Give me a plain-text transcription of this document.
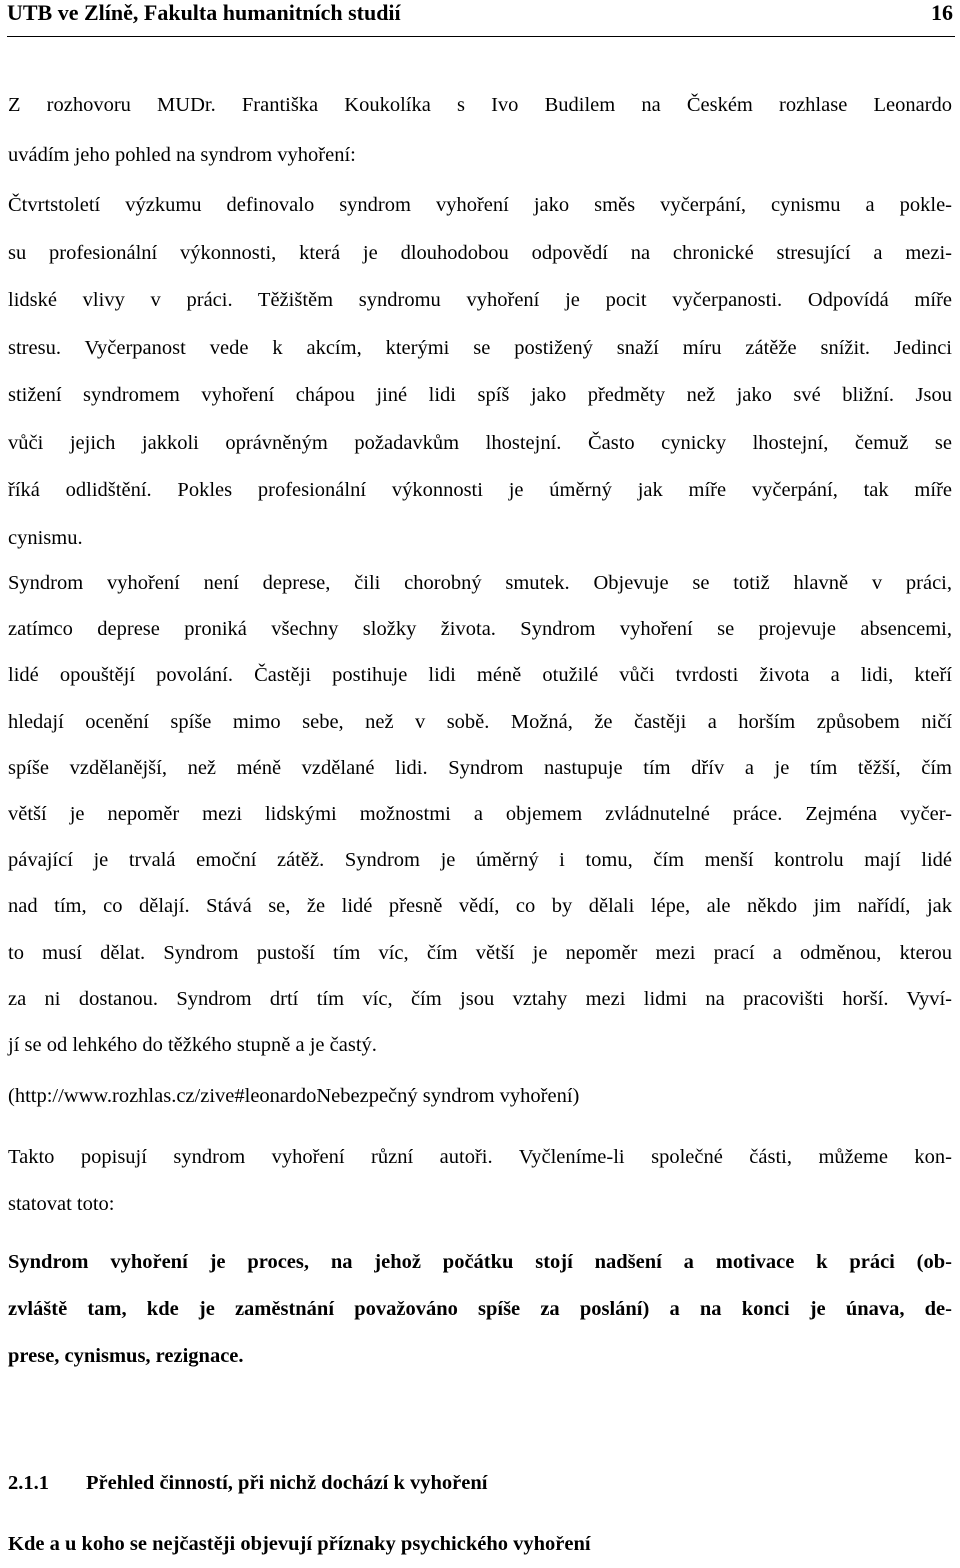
UTB ve Zlíně, Fakulta humanitních studií	16

Z rozhovoru MUDr. Františka Koukolíka s Ivo Budilem na Českém rozhlase Leonardo
uvádím jeho pohled na syndrom vyhoření:

Čtvrtstoletí výzkumu definovalo syndrom vyhoření jako směs vyčerpání, cynismu a pokle-
su profesionální výkonnosti, která je dlouhodobou odpovědí na chronické stresující a mezi-
lidské vlivy v práci. Těžištěm syndromu vyhoření je pocit vyčerpanosti. Odpovídá míře
stresu. Vyčerpanost vede k akcím, kterými se postižený snaží míru zátěže snížit. Jedinci
stižení syndromem vyhoření chápou jiné lidi spíš jako předměty než jako své bližní. Jsou
vůči jejich jakkoli oprávněným požadavkům lhostejní. Často cynicky lhostejní, čemuž se
říká odlidštění. Pokles profesionální výkonnosti je úměrný jak míře vyčerpání, tak míře
cynismu.

Syndrom vyhoření není deprese, čili chorobný smutek. Objevuje se totiž hlavně v práci,
zatímco deprese proniká všechny složky života. Syndrom vyhoření se projevuje absencemi,
lidé opouštějí povolání. Častěji postihuje lidi méně otužilé vůči tvrdosti života a lidi, kteří
hledají ocenění spíše mimo sebe, než v sobě. Možná, že častěji a horším způsobem ničí
spíše vzdělanější, než méně vzdělané lidi. Syndrom nastupuje tím dřív a je tím těžší, čím
větší je nepoměr mezi lidskými možnostmi a objemem zvládnutelné práce. Zejména vyčer-
pávající je trvalá emoční zátěž. Syndrom je úměrný i tomu, čím menší kontrolu mají lidé
nad tím, co dělají. Stává se, že lidé přesně vědí, co by dělali lépe, ale někdo jim nařídí, jak
to musí dělat. Syndrom pustoší tím víc, čím větší je nepoměr mezi prací a odměnou, kterou
za ni dostanou. Syndrom drtí tím víc, čím jsou vztahy mezi lidmi na pracovišti horší. Vyví-
jí se od lehkého do těžkého stupně a je častý.

(http://www.rozhlas.cz/zive#leonardoNebezpečný syndrom vyhoření)

Takto popisují syndrom vyhoření různí autoři. Vyčleníme-li společné části, můžeme kon-
statovat toto:

Syndrom vyhoření je proces, na jehož počátku stojí nadšení a motivace k práci (ob-
zvláště tam, kde je zaměstnání považováno spíše za poslání) a na konci je únava, de-
prese, cynismus, rezignace.

2.1.1 Přehled činností, při nichž dochází k vyhoření
Kde a u koho se nejčastěji objevují příznaky psychického vyhoření
